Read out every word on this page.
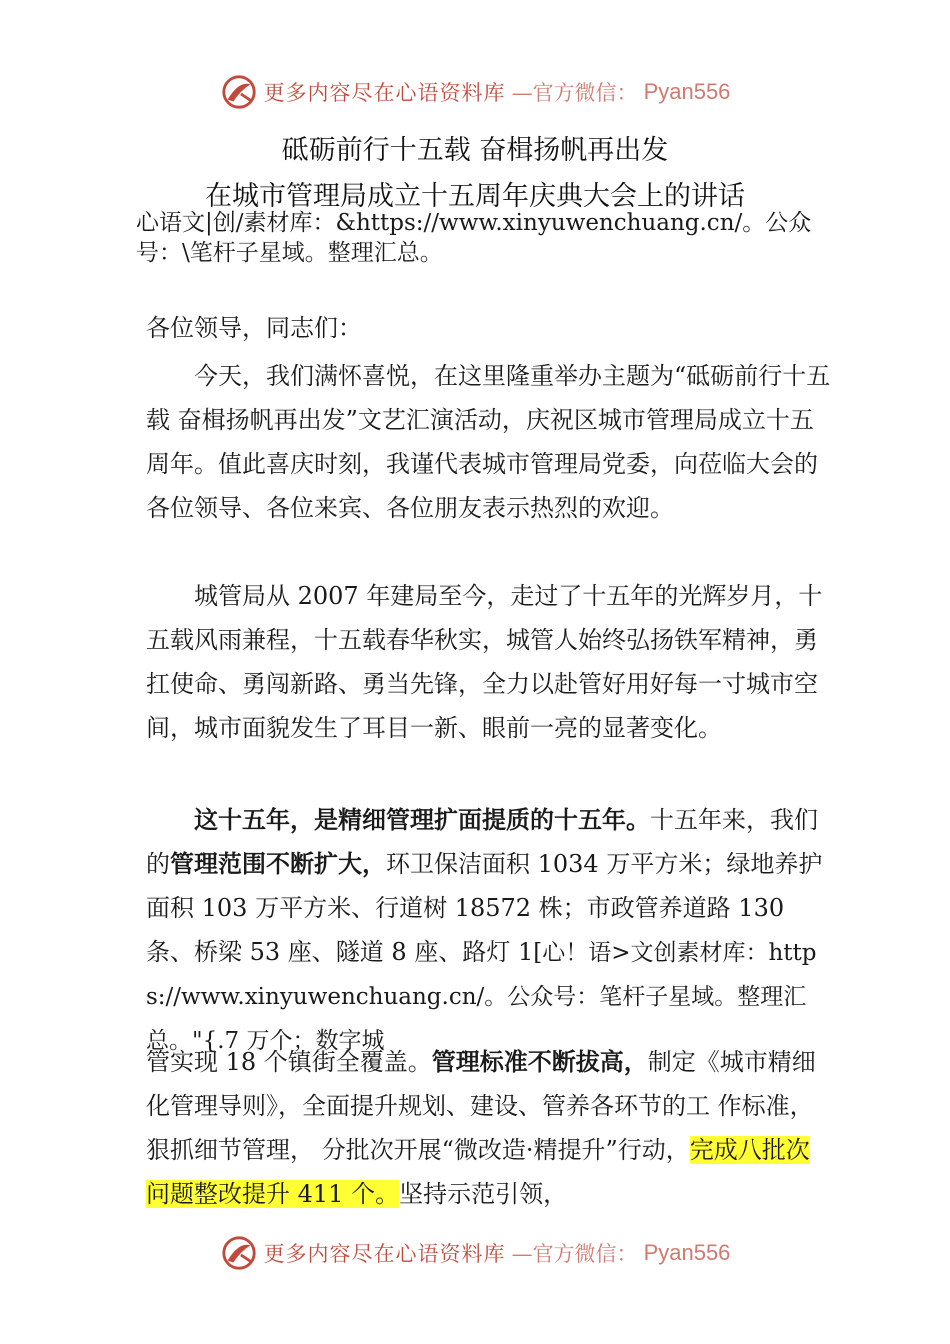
更多内容尽在心语资料库 —官方微信： Pyan556
砥砺前行十五载 奋楫扬帆再出发
在城市管理局成立十五周年庆典大会上的讲话
心语文|创/素材库：&https://www.xinyuwenchuang.cn/。公众号：\笔杆子星域。整理汇总。
各位领导，同志们：
今天，我们满怀喜悦，在这里隆重举办主题为“砥砺前行十五载 奋楫扬帆再出发”文艺汇演活动，庆祝区城市管理局成立十五周年。值此喜庆时刻，我谨代表城市管理局党委，向莅临大会的各位领导、各位来宾、各位朋友表示热烈的欢迎。
城管局从 2007 年建局至今，走过了十五年的光辉岁月，十五载风雨兼程，十五载春华秋实，城管人始终弘扬铁军精神，勇扛使命、勇闯新路、勇当先锋，全力以赴管好用好每一寸城市空间，城市面貌发生了耳目一新、眼前一亮的显著变化。
这十五年，是精细管理扩面提质的十五年。十五年来，我们的管理范围不断扩大，环卫保洁面积 1034 万平方米；绿地养护面积 103 万平方米、行道树 18572 株；市政管养道路 130 条、桥梁 53 座、隧道 8 座、路灯 1[心！语>文创素材库：https://www.xinyuwenchuang.cn/。公众号：笔杆子星域。整理汇总。"{.7 万个；数字城
管实现 18 个镇街全覆盖。管理标准不断拔高，制定《城市精细化管理导则》，全面提升规划、建设、管养各环节的工 作标准，狠抓细节管理， 分批次开展“微改造·精提升”行动，完成八批次问题整改提升 411 个。坚持示范引领，
更多内容尽在心语资料库 —官方微信： Pyan556
